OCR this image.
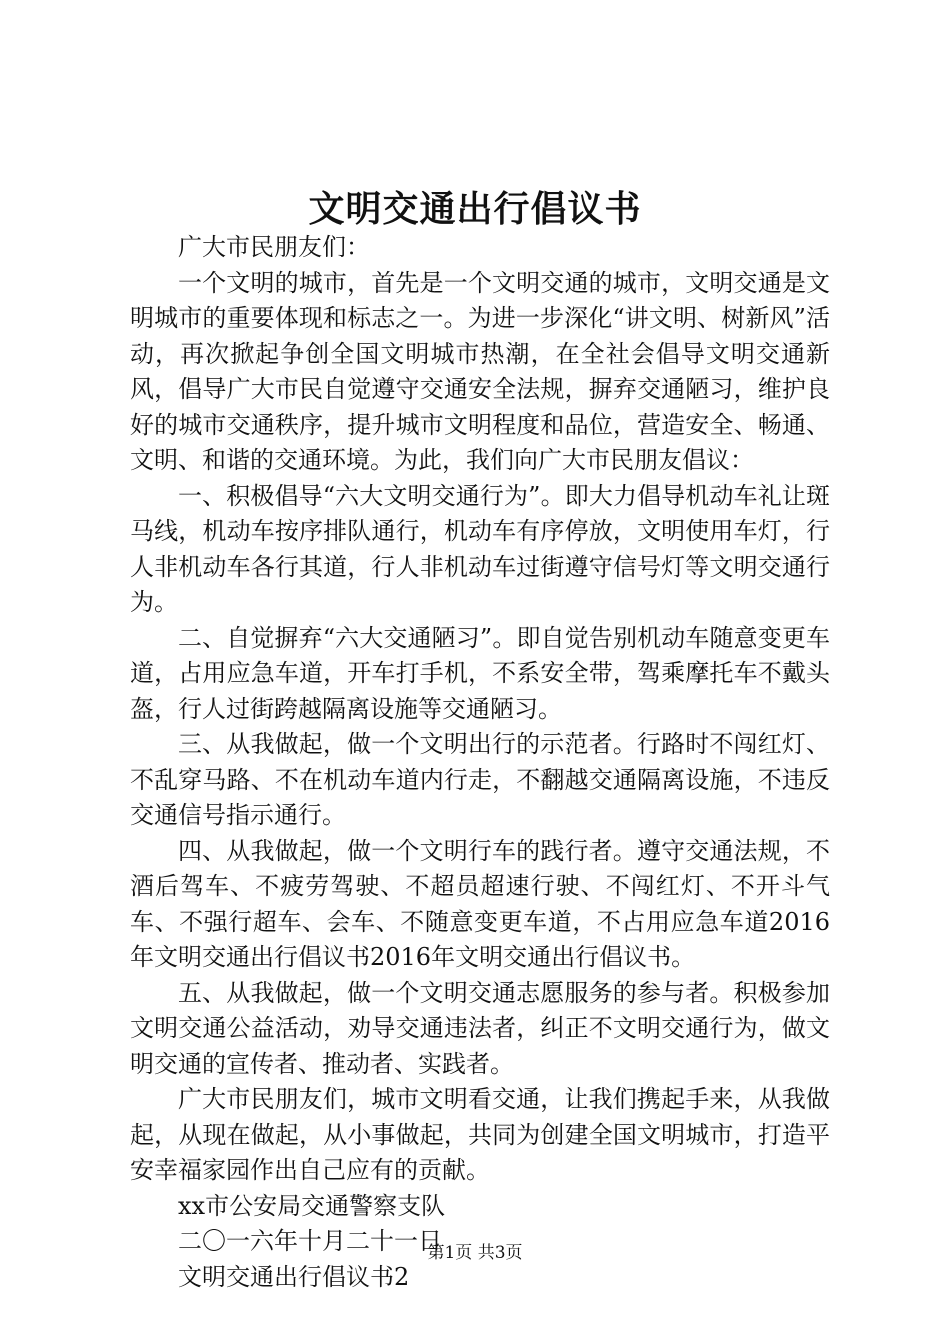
文明交通出行倡议书

广大市民朋友们：

一个文明的城市，首先是一个文明交通的城市，文明交通是文明城市的重要体现和标志之一。为进一步深化“讲文明、树新风”活动，再次掀起争创全国文明城市热潮，在全社会倡导文明交通新风，倡导广大市民自觉遵守交通安全法规，摒弃交通陋习，维护良好的城市交通秩序，提升城市文明程度和品位，营造安全、畅通、文明、和谐的交通环境。为此，我们向广大市民朋友倡议：

一、积极倡导“六大文明交通行为”。即大力倡导机动车礼让斑马线，机动车按序排队通行，机动车有序停放，文明使用车灯，行人非机动车各行其道，行人非机动车过街遵守信号灯等文明交通行为。

二、自觉摒弃“六大交通陋习”。即自觉告别机动车随意变更车道，占用应急车道，开车打手机，不系安全带，驾乘摩托车不戴头盔，行人过街跨越隔离设施等交通陋习。

三、从我做起，做一个文明出行的示范者。行路时不闯红灯、不乱穿马路、不在机动车道内行走，不翻越交通隔离设施，不违反交通信号指示通行。

四、从我做起，做一个文明行车的践行者。遵守交通法规，不酒后驾车、不疲劳驾驶、不超员超速行驶、不闯红灯、不开斗气车、不强行超车、会车、不随意变更车道，不占用应急车道2016年文明交通出行倡议书2016年文明交通出行倡议书。

五、从我做起，做一个文明交通志愿服务的参与者。积极参加文明交通公益活动，劝导交通违法者，纠正不文明交通行为，做文明交通的宣传者、推动者、实践者。

广大市民朋友们，城市文明看交通，让我们携起手来，从我做起，从现在做起，从小事做起，共同为创建全国文明城市，打造平安幸福家园作出自己应有的贡献。

xx市公安局交通警察支队

二〇一六年十月二十一日

文明交通出行倡议书2

第1页 共3页
